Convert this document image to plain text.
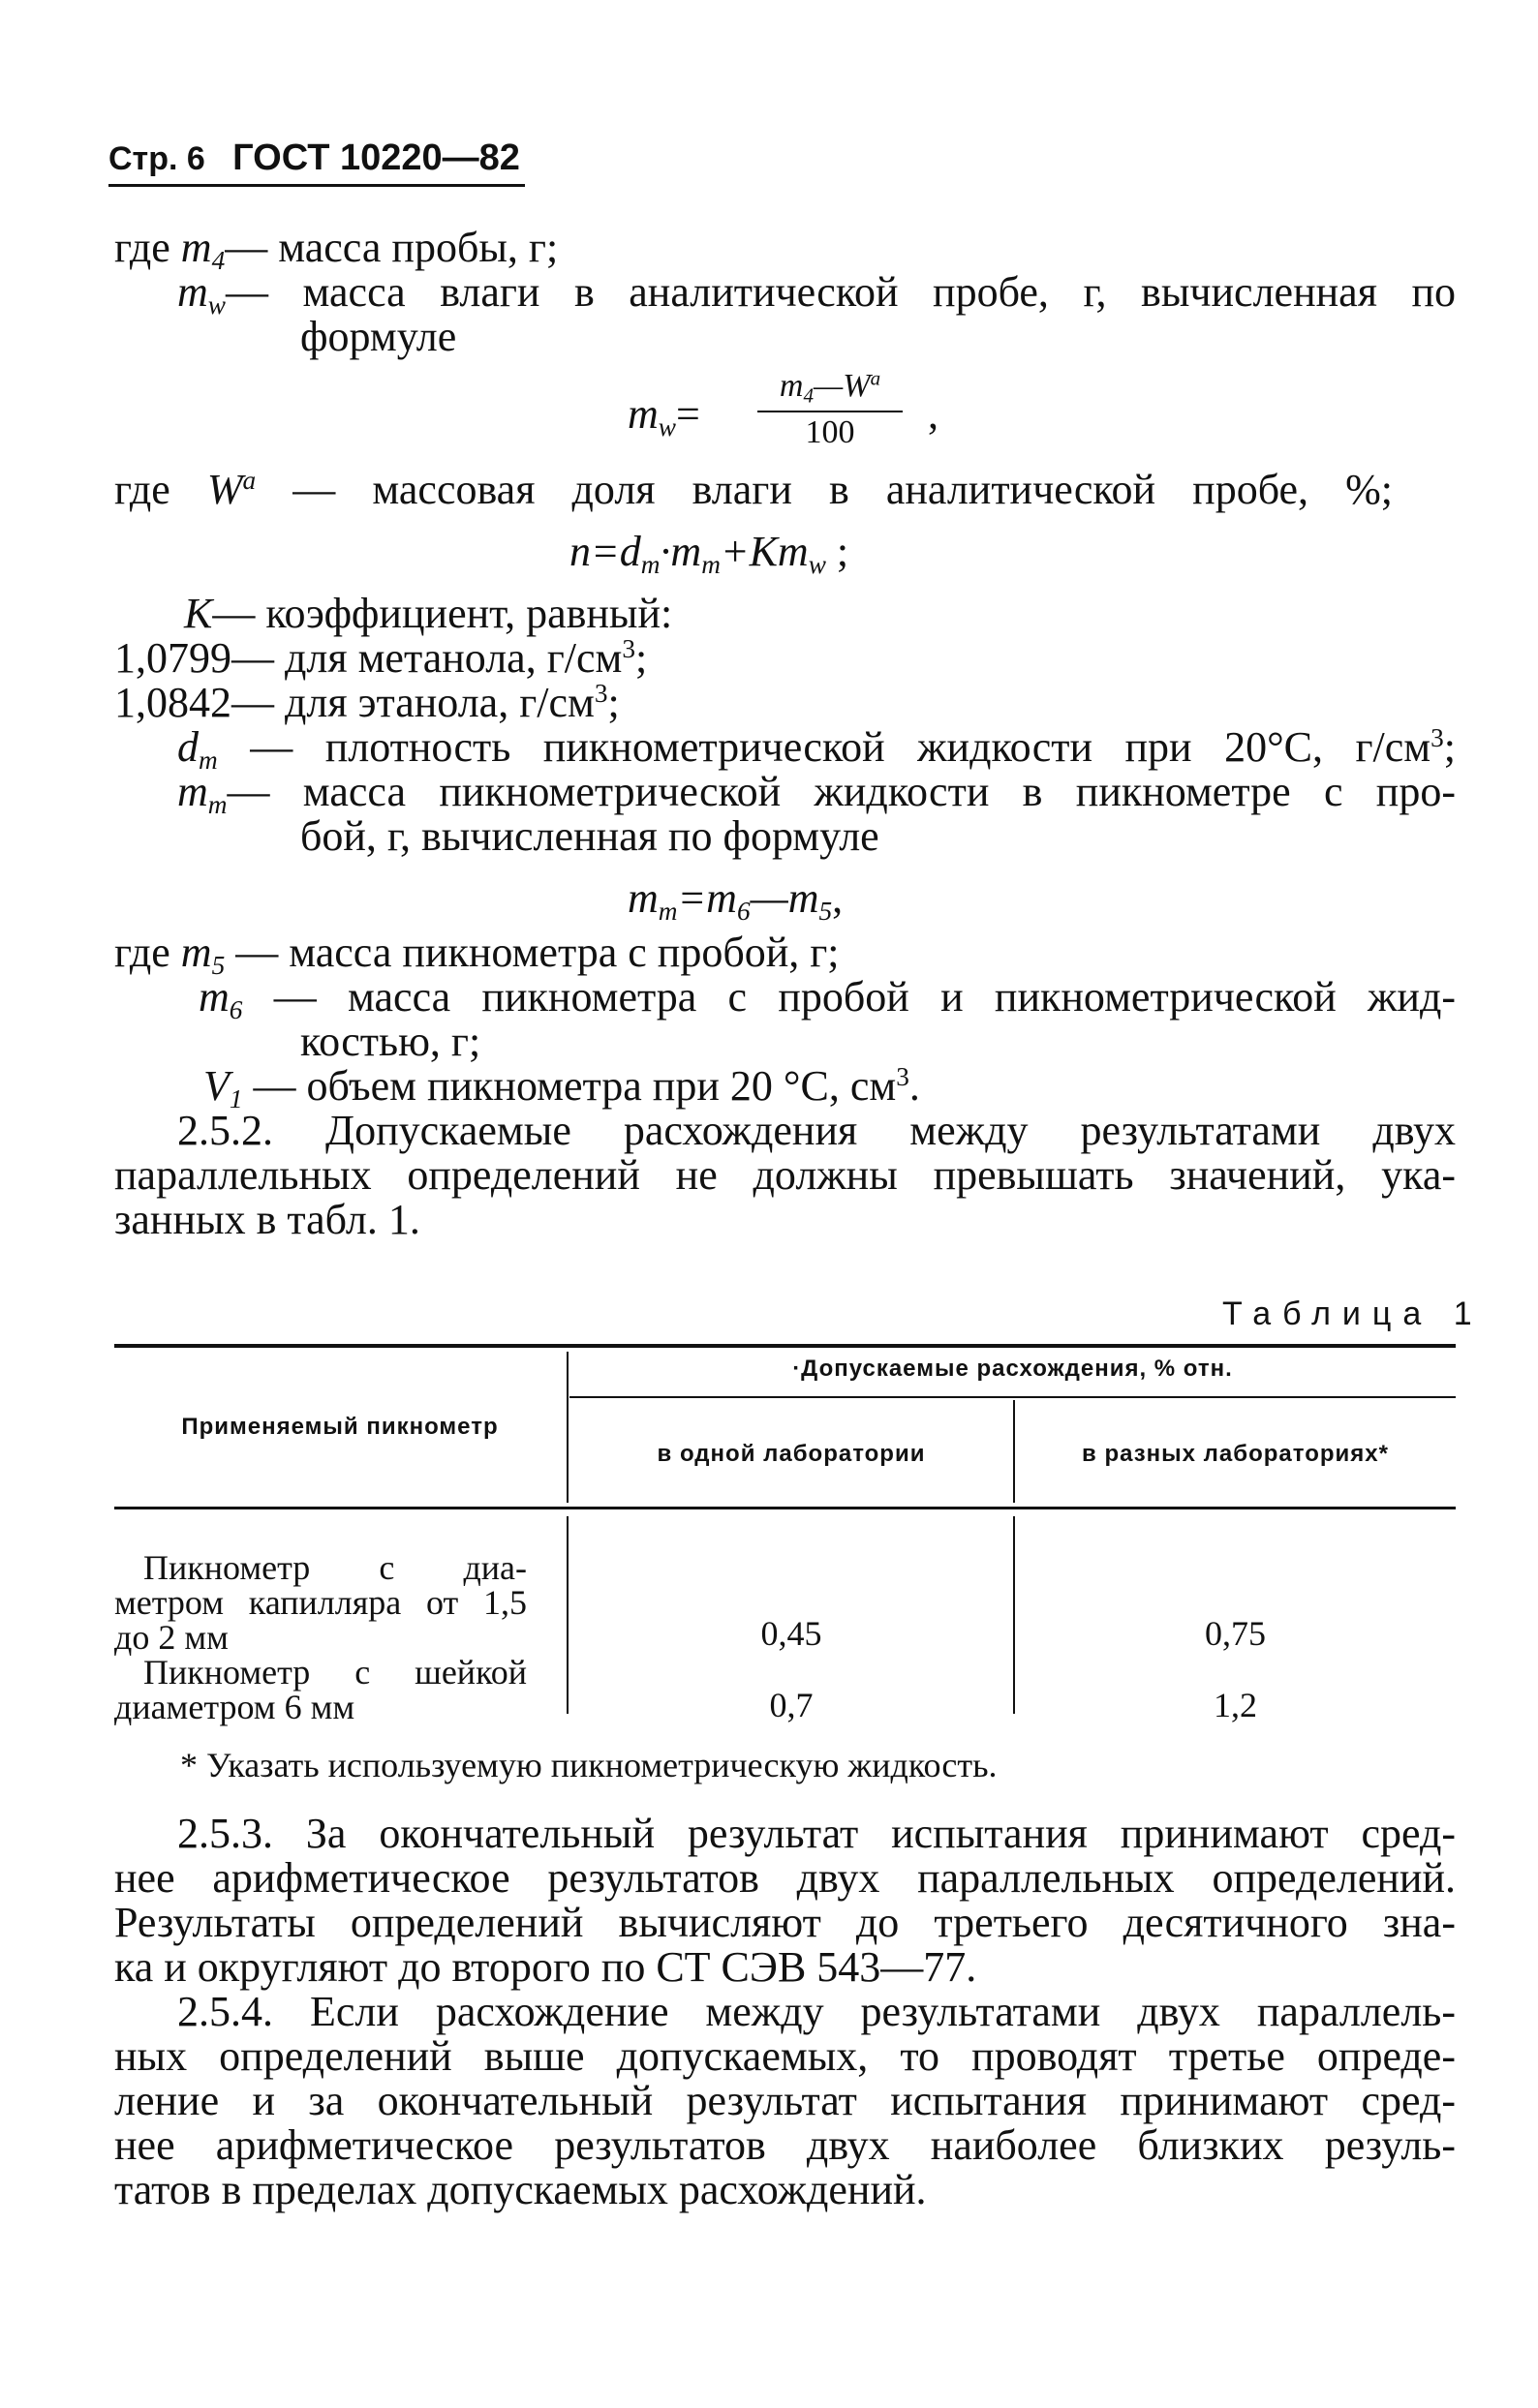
Стр. 6 ГОСТ 10220—82
где $m_4—$ масса пробы, г;
$m_w—$ масса влаги в аналитической пробе, г, вычисленная по
формуле
$m_w=$
$m_4—W^a$
100	,
где $W^a$ — массовая доля влаги в аналитической пробе, %;
$n=d_m\cdot m_m+Km_w$ ;
K— коэффициент, равный:
1,0799— для метанола, $г/см^3$;
1,0842— для этанола, $г/см^3$;
$d_m$ — плотность пикнометрической жидкости при 20°С, $г/см^3$;
$m_m—$ масса пикнометрической жидкости в пикнометре с про-
бой, г, вычисленная по формуле
$m_m=m_6—m_5$,
где $m_5$ — масса пикнометра с пробой, г;
$m_6$ — масса пикнометра с пробой и пикнометрической жид-
костью, г;
$V_1$ — объем пикнометра при 20 °С, $см^3$.
2.5.2. Допускаемые расхождения между результатами двух
параллельных определений не должны превышать значений, ука-
занных в табл. 1.
Таблица 1
Применяемый пикнометр
·Допускаемые расхождения, % отн.
в одной лаборатории	в разных лабораториях*
Пикнометр с диа-
метром капилляра от 1,5
до 2 мм	0,45	0,75
Пикнометр с шейкой
диаметром 6 мм	0,7	1,2
* Указать используемую пикнометрическую жидкость.
2.5.3. За окончательный результат испытания принимают сред-
нее арифметическое результатов двух параллельных определений.
Результаты определений вычисляют до третьего десятичного зна-
ка и округляют до второго по СТ СЭВ 543—77.
2.5.4. Если расхождение между результатами двух параллель-
ных определений выше допускаемых, то проводят третье опреде-
ление и за окончательный результат испытания принимают сред-
нее арифметическое результатов двух наиболее близких резуль-
татов в пределах допускаемых расхождений.
